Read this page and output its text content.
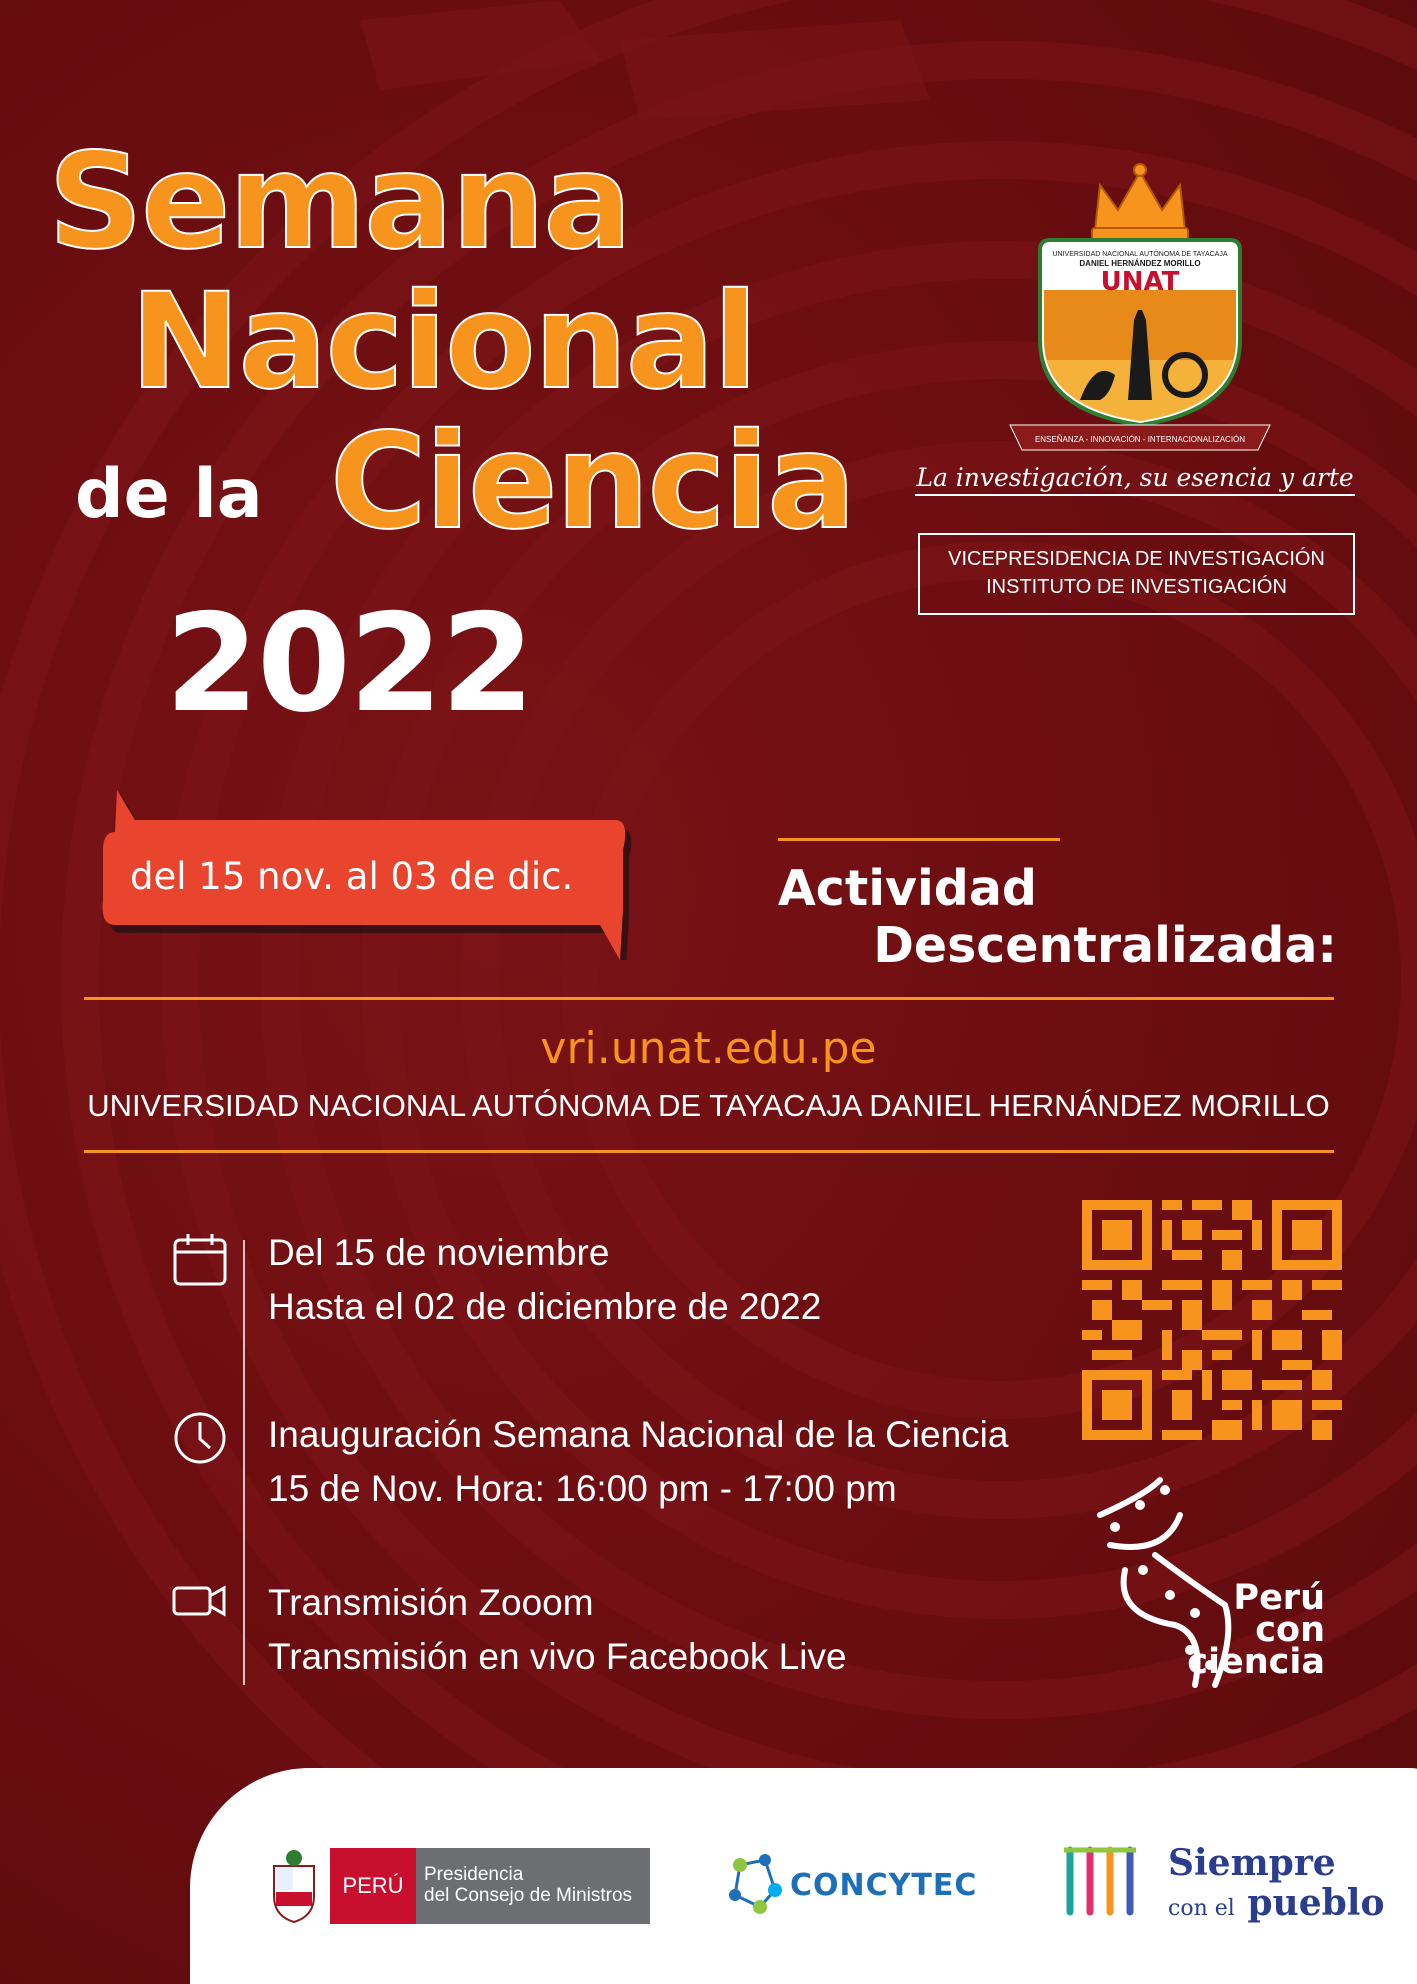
Semana
Nacional
de la Ciencia
2022
UNIVERSIDAD NACIONAL AUTÓNOMA DE TAYACAJA
DANIEL HERNÁNDEZ MORILLO
UNAT
ENSEÑANZA - INNOVACIÓN - INTERNACIONALIZACIÓN
La investigación, su esencia y arte
VICEPRESIDENCIA DE INVESTIGACIÓN
INSTITUTO DE INVESTIGACIÓN
del 15 nov. al 03 de dic.	Actividad
Descentralizada:
vri.unat.edu.pe
UNIVERSIDAD NACIONAL AUTÓNOMA DE TAYACAJA DANIEL HERNÁNDEZ MORILLO
Del 15 de noviembre
Hasta el 02 de diciembre de 2022
Inauguración Semana Nacional de la Ciencia
15 de Nov. Hora: 16:00 pm - 17:00 pm
Transmisión Zooom
Transmisión en vivo Facebook Live
Perú
con
ciencia
PERÚ	Presidencia
del Consejo de Ministros	CONCYTEC
Siempre
con el pueblo
